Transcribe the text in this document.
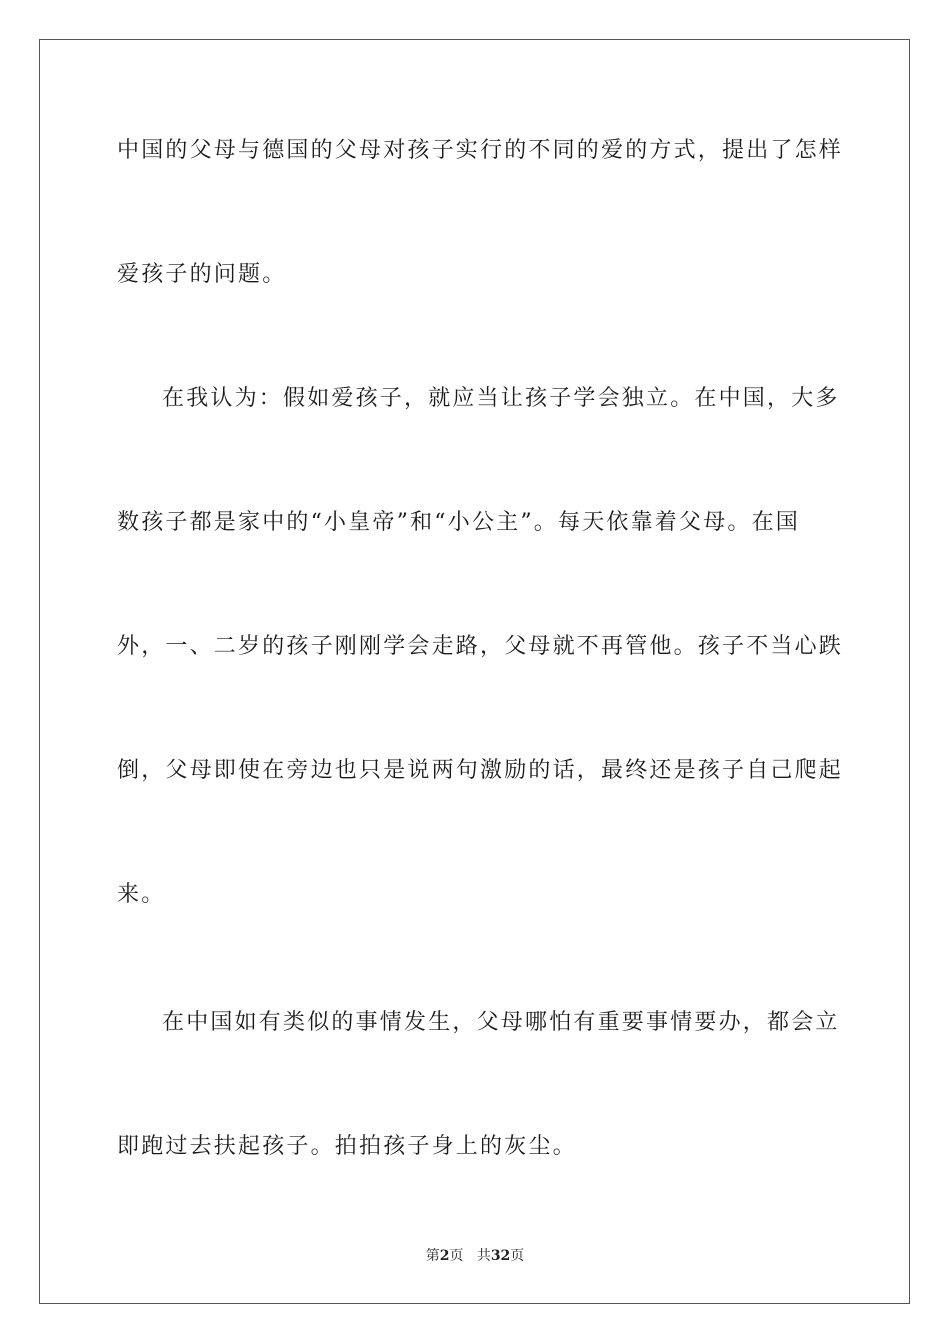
中国的父母与德国的父母对孩子实行的不同的爱的方式，提出了怎样
爱孩子的问题。
在我认为：假如爱孩子，就应当让孩子学会独立。在中国，大多
数孩子都是家中的“小皇帝”和“小公主”。每天依靠着父母。在国
外，一、二岁的孩子刚刚学会走路，父母就不再管他。孩子不当心跌
倒，父母即使在旁边也只是说两句激励的话，最终还是孩子自己爬起
来。
在中国如有类似的事情发生，父母哪怕有重要事情要办，都会立
即跑过去扶起孩子。拍拍孩子身上的灰尘。
第2页 共32页
